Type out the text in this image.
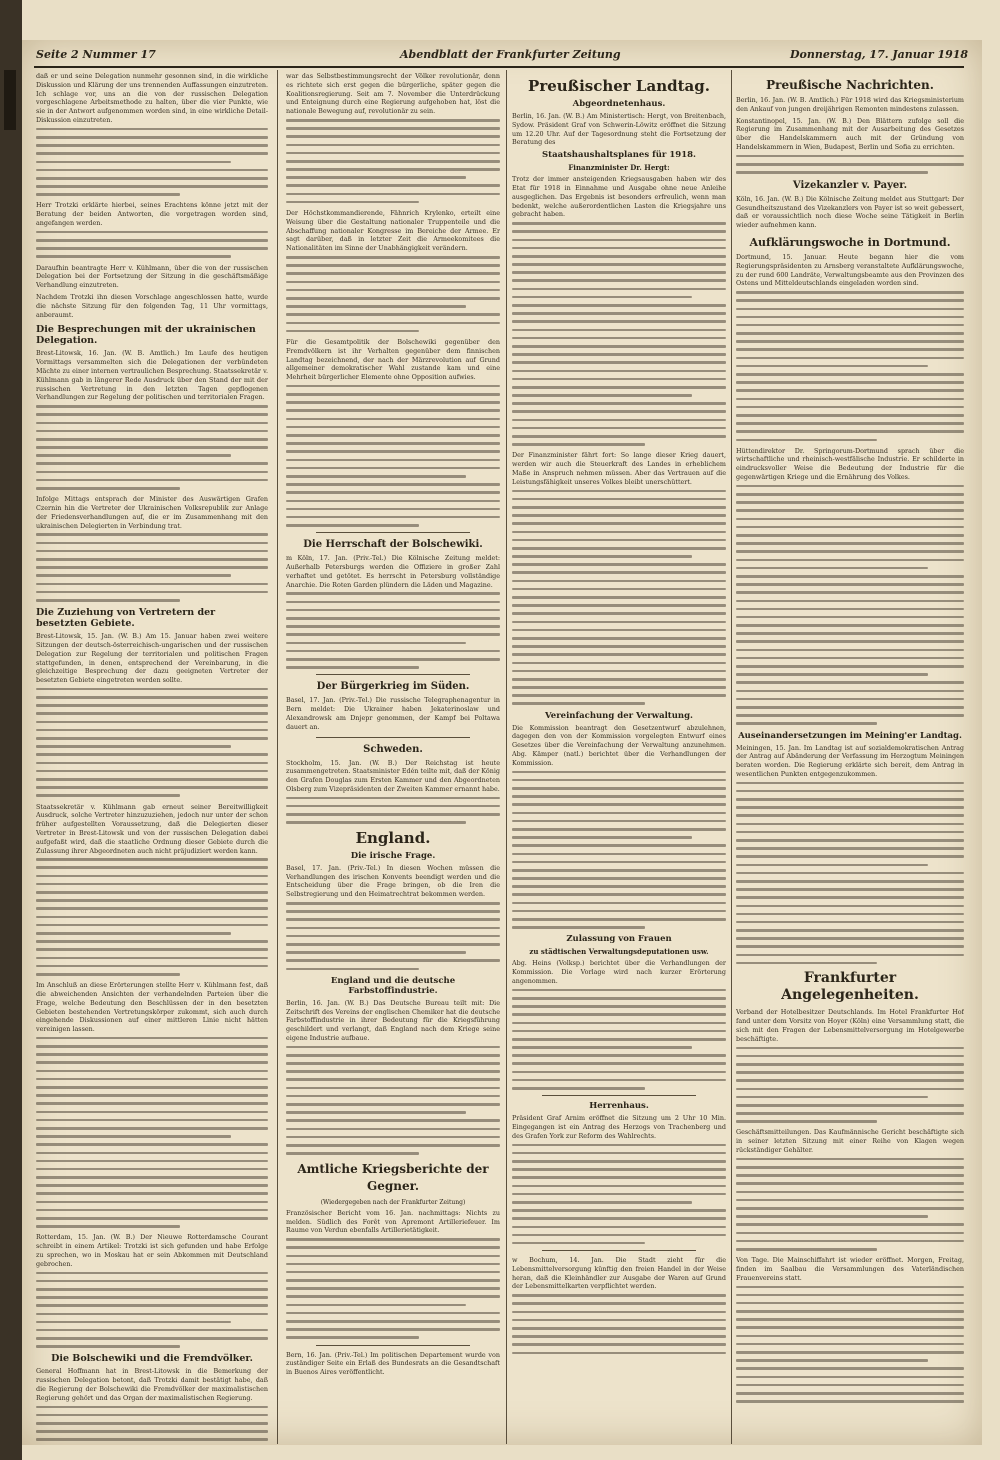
Seite 2 Nummer 17	Abendblatt der Frankfurter Zeitung	Donnerstag, 17. Januar 1918

daß er und seine Delegation nunmehr gesonnen sind, in die wirkliche Diskussion und Klärung der uns trennenden Auffassungen einzutreten. Ich schlage vor, uns an die von der russischen Delegation vorgeschlagene Arbeitsmethode zu halten, über die vier Punkte, wie sie in der Antwort aufgenommen worden sind, in eine wirkliche Detail-Diskussion einzutreten.

Herr Trotzki erklärte hierbei, seines Erachtens könne jetzt mit der Beratung der beiden Antworten, die vorgetragen worden sind, angefangen werden.

Daraufhin beantragte Herr v. Kühlmann, über die von der russischen Delegation bei der Fortsetzung der Sitzung in die geschäftsmäßige Verhandlung einzutreten.

Nachdem Trotzki ihn diesen Vorschlage angeschlossen hatte, wurde die nächste Sitzung für den folgenden Tag, 11 Uhr vormittags, anberaumt.

Die Besprechungen mit der ukrainischen Delegation.

Brest-Litowsk, 16. Jan. (W. B. Amtlich.) Im Laufe des heutigen Vormittags versammelten sich die Delegationen der verbündeten Mächte zu einer internen vertraulichen Besprechung. Staatssekretär v. Kühlmann gab in längerer Rede Ausdruck über den Stand der mit der russischen Vertretung in den letzten Tagen gepflogenen Verhandlungen zur Regelung der politischen und territorialen Fragen.

Infolge Mittags entsprach der Minister des Auswärtigen Grafen Czernin hin die Vertreter der Ukrainischen Volksrepublik zur Anlage der Friedensverhandlungen auf, die er im Zusammenhang mit den ukrainischen Delegierten in Verbindung trat.

Die Zuziehung von Vertretern der besetzten Gebiete.

Brest-Litowsk, 15. Jan. (W. B.) Am 15. Januar haben zwei weitere Sitzungen der deutsch-österreichisch-ungarischen und der russischen Delegation zur Regelung der territorialen und politischen Fragen stattgefunden, in denen, entsprechend der Vereinbarung, in die gleichzeitige Besprechung der dazu geeigneten Vertreter der besetzten Gebiete eingetreten werden sollte.

Staatssekretär v. Kühlmann gab erneut seiner Bereitwilligkeit Ausdruck, solche Vertreter hinzuzuziehen, jedoch nur unter der schon früher aufgestellten Voraussetzung, daß die Delegierten dieser Vertreter in Brest-Litowsk und von der russischen Delegation dabei aufgefaßt wird, daß die staatliche Ordnung dieser Gebiete durch die Zulassung ihrer Abgeordneten auch nicht präjudiziert werden kann.

Im Anschluß an diese Erörterungen stellte Herr v. Kühlmann fest, daß die abweichenden Ansichten der verhandelnden Parteien über die Frage, welche Bedeutung den Beschlüssen der in den besetzten Gebieten bestehenden Vertretungskörper zukommt, sich auch durch eingehende Diskussionen auf einer mittleren Linie nicht hätten vereinigen lassen.

Rotterdam, 15. Jan. (W. B.) Der Nieuwe Rotterdamsche Courant schreibt in einem Artikel: Trotzki ist sich gefunden und habe Erfolge zu sprechen, wo in Moskau hat er sein Abkommen mit Deutschland gebrochen.

Die Bolschewiki und die Fremdvölker.

General Hoffmann hat in Brest-Litowsk in die Bemerkung der russischen Delegation betont, daß Trotzki damit bestätigt habe, daß die Regierung der Bolschewiki die Fremdvölker der maximalistischen Regierung gehört und das Organ der maximalistischen Regierung.

war das Selbstbestimmungsrecht der Völker revolutionär, denn es richtete sich erst gegen die bürgerliche, später gegen die Koalitionsregierung. Seit am 7. November die Unterdrückung und Enteignung durch eine Regierung aufgehoben hat, löst die nationale Bewegung auf, revolutionär zu sein.

Der Höchstkommandierende, Fähnrich Krylenko, erteilt eine Weisung über die Gestaltung nationaler Truppenteile und die Abschaffung nationaler Kongresse im Bereiche der Armee. Er sagt darüber, daß in letzter Zeit die Armeekomitees die Nationalitäten im Sinne der Unabhängigkeit verändern.

Für die Gesamtpolitik der Bolschewiki gegenüber den Fremdvölkern ist ihr Verhalten gegenüber dem finnischen Landtag bezeichnend, der nach der Märzrevolution auf Grund allgemeiner demokratischer Wahl zustande kam und eine Mehrheit bürgerlicher Elemente ohne Opposition aufwies.

Die Herrschaft der Bolschewiki.

m Köln, 17. Jan. (Priv.-Tel.) Die Kölnische Zeitung meldet: Außerhalb Petersburgs werden die Offiziere in großer Zahl verhaftet und getötet. Es herrscht in Petersburg vollständige Anarchie. Die Roten Garden plündern die Läden und Magazine.

Der Bürgerkrieg im Süden.

Basel, 17. Jan. (Priv.-Tel.) Die russische Telegraphenagentur in Bern meldet: Die Ukrainer haben Jekaterinoslaw und Alexandrowsk am Dnjepr genommen, der Kampf bei Poltawa dauert an.

Schweden.

Stockholm, 15. Jan. (W. B.) Der Reichstag ist heute zusammengetreten. Staatsminister Edén teilte mit, daß der König den Grafen Douglas zum Ersten Kammer und den Abgeordneten Olsberg zum Vizepräsidenten der Zweiten Kammer ernannt habe.

England.
Die irische Frage.

Basel, 17. Jan. (Priv.-Tel.) In diesen Wochen müssen die Verhandlungen des irischen Konvents beendigt werden und die Entscheidung über die Frage bringen, ob die Iren die Selbstregierung und den Heimatrechtrat bekommen werden.

England und die deutsche Farbstoffindustrie.

Berlin, 16. Jan. (W. B.) Das Deutsche Bureau teilt mit: Die Zeitschrift des Vereins der englischen Chemiker hat die deutsche Farbstoffindustrie in ihrer Bedeutung für die Kriegsführung geschildert und verlangt, daß England nach dem Kriege seine eigene Industrie aufbaue.

Amtliche Kriegsberichte der Gegner.
(Wiedergegeben nach der Frankfurter Zeitung)

Französischer Bericht vom 16. Jan. nachmittags: Nichts zu melden. Südlich des Forêt von Apremont Artilleriefeuer. Im Raume von Verdun ebenfalls Artillerietätigkeit.

Bern, 16. Jan. (Priv.-Tel.) Im politischen Departement wurde von zuständiger Seite ein Erlaß des Bundesrats an die Gesandtschaft in Buenos Aires veröffentlicht.

Preußischer Landtag.
Abgeordnetenhaus.

Berlin, 16. Jan. (W. B.) Am Ministertisch: Hergt, von Breitenbach, Sydow. Präsident Graf von Schwerin-Löwitz eröffnet die Sitzung um 12.20 Uhr. Auf der Tagesordnung steht die Fortsetzung der Beratung des

Staatshaushaltsplanes für 1918.
Finanzminister Dr. Hergt:

Trotz der immer ansteigenden Kriegsausgaben haben wir des Etat für 1918 in Einnahme und Ausgabe ohne neue Anleihe ausgeglichen. Das Ergebnis ist besonders erfreulich, wenn man bedenkt, welche außerordentlichen Lasten die Kriegsjahre uns gebracht haben.

Der Finanzminister fährt fort: So lange dieser Krieg dauert, werden wir auch die Steuerkraft des Landes in erheblichem Maße in Anspruch nehmen müssen. Aber das Vertrauen auf die Leistungsfähigkeit unseres Volkes bleibt unerschüttert.

Vereinfachung der Verwaltung.

Die Kommission beantragt den Gesetzentwurf abzulehnen, dagegen den von der Kommission vorgelegten Entwurf eines Gesetzes über die Vereinfachung der Verwaltung anzunehmen. Abg. Kämper (natl.) berichtet über die Verhandlungen der Kommission.

Zulassung von Frauen
zu städtischen Verwaltungsdeputationen usw.

Abg. Heins (Volksp.) berichtet über die Verhandlungen der Kommission. Die Vorlage wird nach kurzer Erörterung angenommen.

Herrenhaus.

Präsident Graf Arnim eröffnet die Sitzung um 2 Uhr 10 Min. Eingegangen ist ein Antrag des Herzogs von Trachenberg und des Grafen York zur Reform des Wahlrechts.

w Bochum, 14. Jan. Die Stadt zieht für die Lebensmittelversorgung künftig den freien Handel in der Weise heran, daß die Kleinhändler zur Ausgabe der Waren auf Grund der Lebensmittelkarten verpflichtet werden.

Preußische Nachrichten.

Berlin, 16. Jan. (W. B. Amtlich.) Für 1918 wird das Kriegsministerium den Ankauf von jungen dreijährigen Remonten mindestens zulassen.

Konstantinopel, 15. Jan. (W. B.) Den Blättern zufolge soll die Regierung im Zusammenhang mit der Ausarbeitung des Gesetzes über die Handelskammern auch mit der Gründung von Handelskammern in Wien, Budapest, Berlin und Sofia zu errichten.

Vizekanzler v. Payer.

Köln, 16. Jan. (W. B.) Die Kölnische Zeitung meldet aus Stuttgart: Der Gesundheitszustand des Vizekanzlers von Payer ist so weit gebessert, daß er voraussichtlich noch diese Woche seine Tätigkeit in Berlin wieder aufnehmen kann.

Aufklärungswoche in Dortmund.

Dortmund, 15. Januar. Heute begann hier die vom Regierungspräsidenten zu Arnsberg veranstaltete Aufklärungswoche, zu der rund 600 Landräte, Verwaltungsbeamte aus den Provinzen des Ostens und Mitteldeutschlands eingeladen worden sind.

Hüttendirektor Dr. Springorum-Dortmund sprach über die wirtschaftliche und rheinisch-westfälische Industrie. Er schilderte in eindrucksvoller Weise die Bedeutung der Industrie für die gegenwärtigen Kriege und die Ernährung des Volkes.

Auseinandersetzungen im Meining'er Landtag.

Meiningen, 15. Jan. Im Landtag ist auf sozialdemokratischen Antrag der Antrag auf Abänderung der Verfassung im Herzogtum Meiningen beraten worden. Die Regierung erklärte sich bereit, dem Antrag in wesentlichen Punkten entgegenzukommen.

Frankfurter Angelegenheiten.

Verband der Hotelbesitzer Deutschlands. Im Hotel Frankfurter Hof fand unter dem Vorsitz von Hoyer (Köln) eine Versammlung statt, die sich mit den Fragen der Lebensmittelversorgung im Hotelgewerbe beschäftigte.

Geschäftsmitteilungen. Das Kaufmännische Gericht beschäftigte sich in seiner letzten Sitzung mit einer Reihe von Klagen wegen rückständiger Gehälter.

Von Tage. Die Mainschiffahrt ist wieder eröffnet. Morgen, Freitag, finden im Saalbau die Versammlungen des Vaterländischen Frauenvereins statt.
